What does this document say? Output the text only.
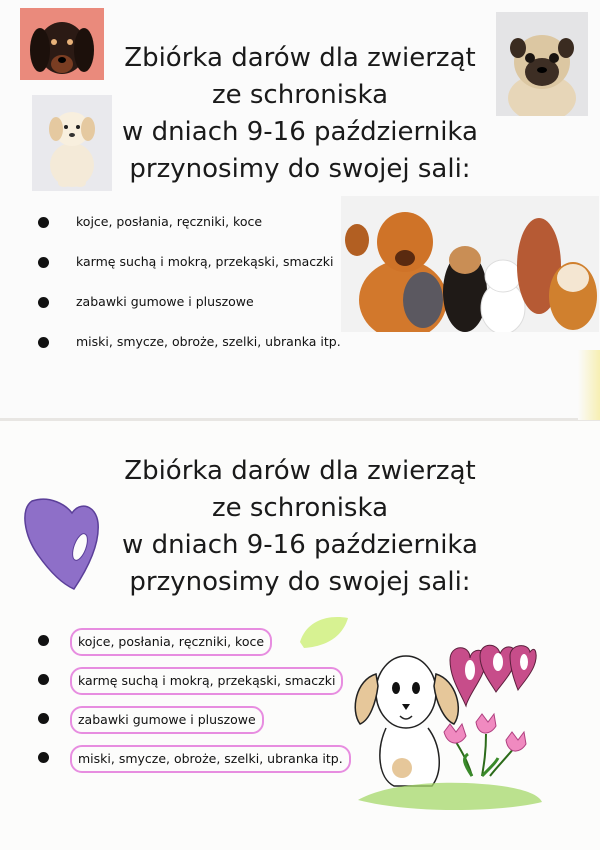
Zbiórka darów dla zwierząt
ze schroniska
w dniach 9-16 października
przynosimy do swojej sali:
kojce, posłania, ręczniki, koce
karmę suchą i mokrą, przekąski, smaczki
zabawki gumowe i pluszowe
miski, smycze, obroże, szelki, ubranka itp.
Zbiórka darów dla zwierząt
ze schroniska
w dniach 9-16 października
przynosimy do swojej sali:
kojce, posłania, ręczniki, koce
karmę suchą i mokrą, przekąski, smaczki
zabawki gumowe i pluszowe
miski, smycze, obroże, szelki, ubranka itp.
